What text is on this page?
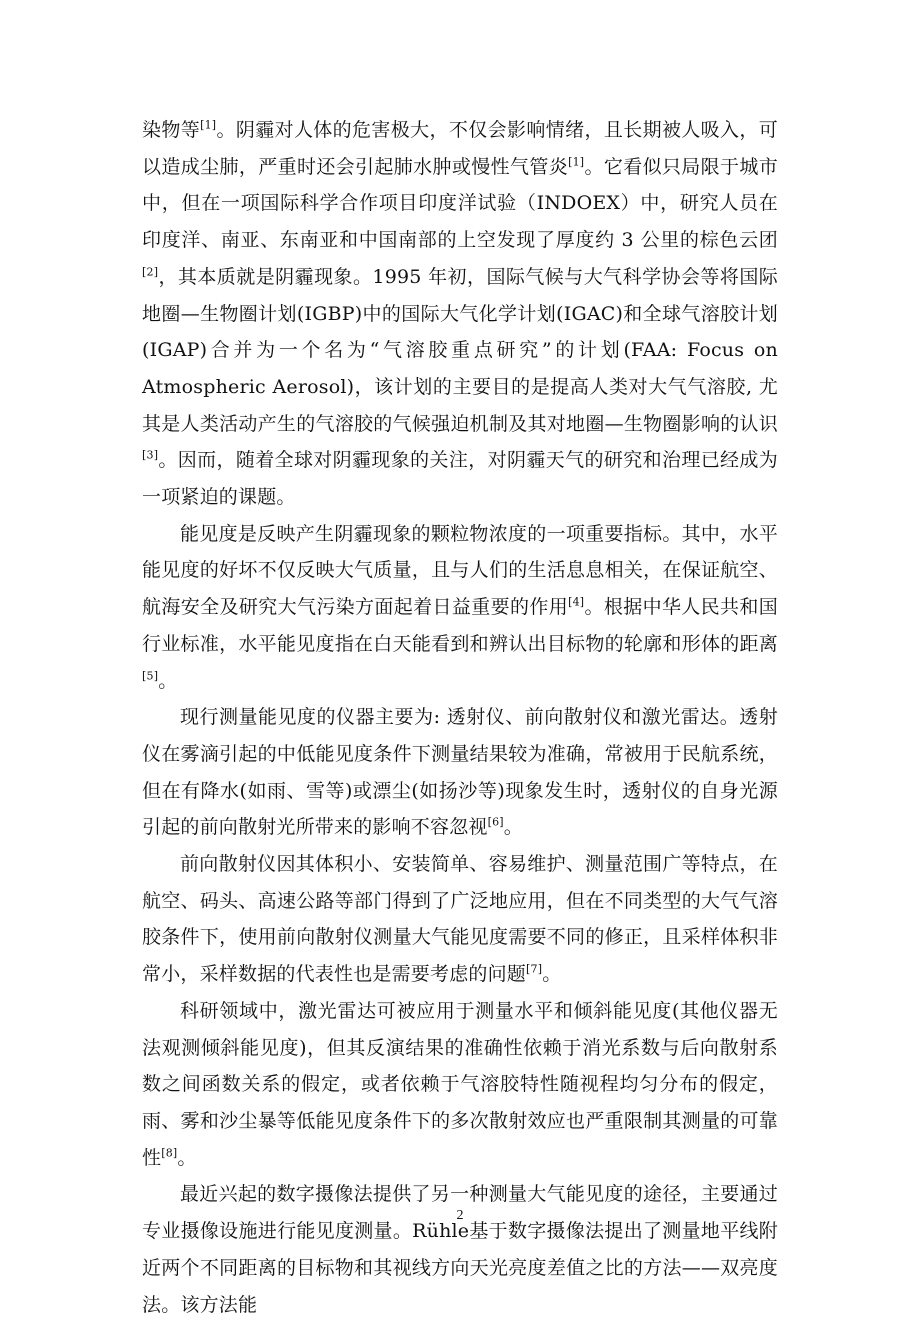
染物等[1]。阴霾对人体的危害极大，不仅会影响情绪，且长期被人吸入，可以造成尘肺，严重时还会引起肺水肿或慢性气管炎[1]。它看似只局限于城市中，但在一项国际科学合作项目印度洋试验（INDOEX）中，研究人员在印度洋、南亚、东南亚和中国南部的上空发现了厚度约 3 公里的棕色云团[2]，其本质就是阴霾现象。1995 年初，国际气候与大气科学协会等将国际地圈—生物圈计划(IGBP)中的国际大气化学计划(IGAC)和全球气溶胶计划(IGAP)合并为一个名为“气溶胶重点研究”的计划(FAA: Focus on Atmospheric Aerosol)，该计划的主要目的是提高人类对大气气溶胶, 尤其是人类活动产生的气溶胶的气候强迫机制及其对地圈—生物圈影响的认识[3]。因而，随着全球对阴霾现象的关注，对阴霾天气的研究和治理已经成为一项紧迫的课题。

能见度是反映产生阴霾现象的颗粒物浓度的一项重要指标。其中，水平能见度的好坏不仅反映大气质量，且与人们的生活息息相关，在保证航空、航海安全及研究大气污染方面起着日益重要的作用[4]。根据中华人民共和国行业标准，水平能见度指在白天能看到和辨认出目标物的轮廓和形体的距离[5]。

现行测量能见度的仪器主要为: 透射仪、前向散射仪和激光雷达。透射仪在雾滴引起的中低能见度条件下测量结果较为准确，常被用于民航系统，但在有降水(如雨、雪等)或漂尘(如扬沙等)现象发生时，透射仪的自身光源引起的前向散射光所带来的影响不容忽视[6]。

前向散射仪因其体积小、安装简单、容易维护、测量范围广等特点，在航空、码头、高速公路等部门得到了广泛地应用，但在不同类型的大气气溶胶条件下，使用前向散射仪测量大气能见度需要不同的修正，且采样体积非常小，采样数据的代表性也是需要考虑的问题[7]。

科研领域中，激光雷达可被应用于测量水平和倾斜能见度(其他仪器无法观测倾斜能见度)，但其反演结果的准确性依赖于消光系数与后向散射系数之间函数关系的假定，或者依赖于气溶胶特性随视程均匀分布的假定，雨、雾和沙尘暴等低能见度条件下的多次散射效应也严重限制其测量的可靠性[8]。

最近兴起的数字摄像法提供了另一种测量大气能见度的途径，主要通过专业摄像设施进行能见度测量。Rühle基于数字摄像法提出了测量地平线附近两个不同距离的目标物和其视线方向天光亮度差值之比的方法——双亮度法。该方法能

2
